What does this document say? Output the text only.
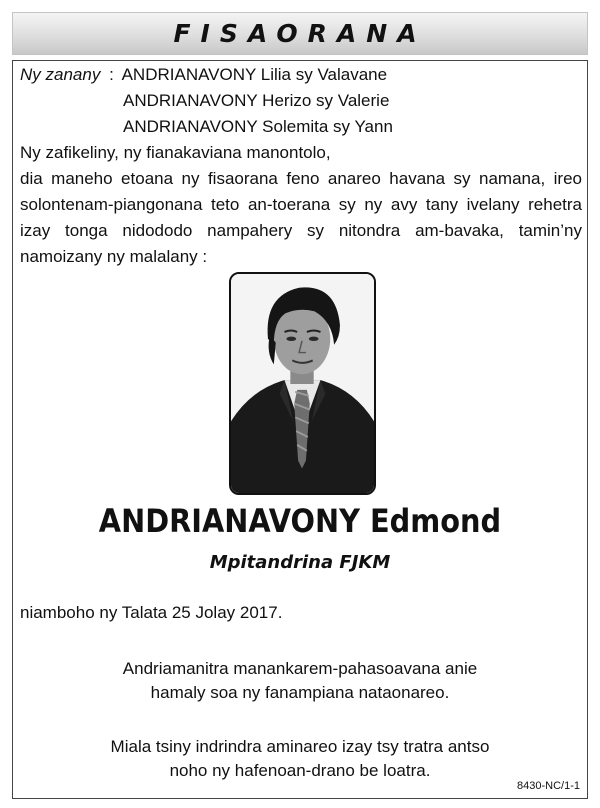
FISAORANA
Ny zanany : ANDRIANAVONY Lilia sy Valavane
ANDRIANAVONY Herizo sy Valerie
ANDRIANAVONY Solemita sy Yann
Ny zafikeliny, ny fianakaviana manontolo,
dia maneho etoana ny fisaorana feno anareo havana sy namana, ireo
solontenam-piangonana teto an-toerana sy ny avy tany ivelany rehetra
izay tonga nidododo nampahery sy nitondra am-bavaka, tamin’ny
namoizany ny malalany :
ANDRIANAVONY Edmond
Mpitandrina FJKM
niamboho ny Talata 25 Jolay 2017.
Andriamanitra manankarem-pahasoavana anie
hamaly soa ny fanampiana nataonareo.
Miala tsiny indrindra aminareo izay tsy tratra antso
noho ny hafenoan-drano be loatra.
8430-NC/1-1
